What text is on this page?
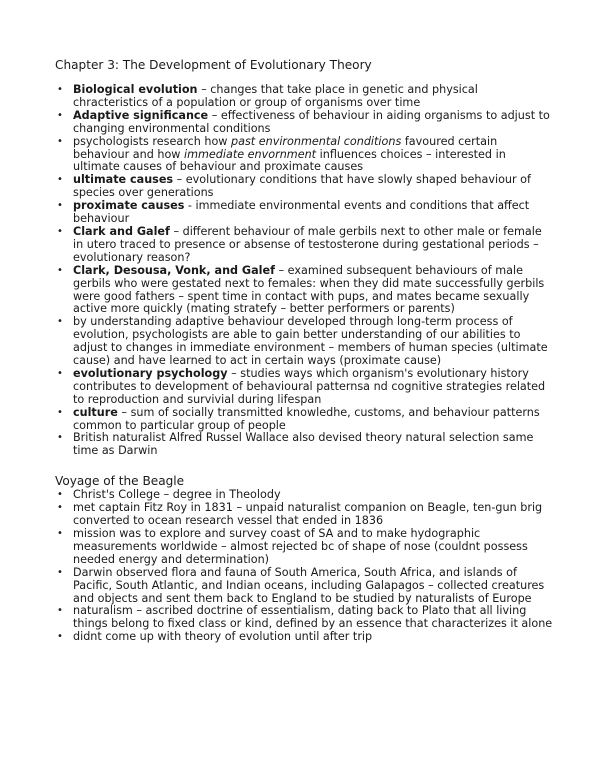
Chapter 3: The Development of Evolutionary Theory
• Biological evolution – changes that take place in genetic and physical chracteristics of a population or group of organisms over time
• Adaptive significance – effectiveness of behaviour in aiding organisms to adjust to changing environmental conditions
• psychologists research how past environmental conditions favoured certain behaviour and how immediate envornment influences choices – interested in ultimate causes of behaviour and proximate causes
• ultimate causes – evolutionary conditions that have slowly shaped behaviour of species over generations
• proximate causes - immediate environmental events and conditions that affect behaviour
• Clark and Galef – different behaviour of male gerbils next to other male or female in utero traced to presence or absense of testosterone during gestational periods – evolutionary reason?
• Clark, Desousa, Vonk, and Galef – examined subsequent behaviours of male gerbils who were gestated next to females: when they did mate successfully gerbils were good fathers – spent time in contact with pups, and mates became sexually active more quickly (mating stratefy – better performers or parents)
• by understanding adaptive behaviour developed through long-term process of evolution, psychologists are able to gain better understanding of our abilities to adjust to changes in immediate environment – members of human species (ultimate cause) and have learned to act in certain ways (proximate cause)
• evolutionary psychology – studies ways which organism's evolutionary history contributes to development of behavioural patternsa nd cognitive strategies related to reproduction and survivial during lifespan
• culture – sum of socially transmitted knowledhe, customs, and behaviour patterns common to particular group of people
• British naturalist Alfred Russel Wallace also devised theory natural selection same time as Darwin
Voyage of the Beagle
• Christ's College – degree in Theolody
• met captain Fitz Roy in 1831 – unpaid naturalist companion on Beagle, ten-gun brig converted to ocean research vessel that ended in 1836
• mission was to explore and survey coast of SA and to make hydographic measurements worldwide – almost rejected bc of shape of nose (couldnt possess needed energy and determination)
• Darwin observed flora and fauna of South America, South Africa, and islands of Pacific, South Atlantic, and Indian oceans, including Galapagos – collected creatures and objects and sent them back to England to be studied by naturalists of Europe
• naturalism – ascribed doctrine of essentialism, dating back to Plato that all living things belong to fixed class or kind, defined by an essence that characterizes it alone
• didnt come up with theory of evolution until after trip
